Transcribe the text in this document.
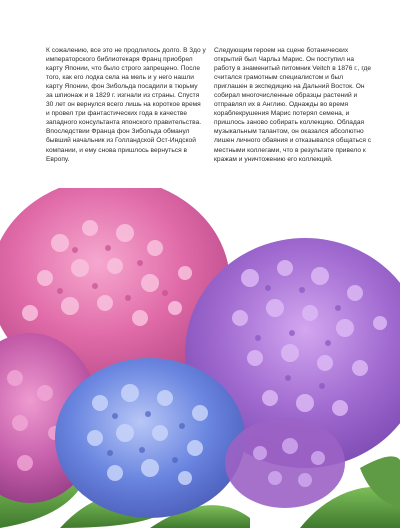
К сожалению, все это не продлилось долго. В 3до у императорского библиотекаря Франц приобрел карту Японии, что было строго запрещено. После того, как его лодка села на мель и у него нашли карту Японии, фон Зибольда посадили в тюрьму за шпионаж и в 1829 г. изгнали из страны. Спустя 30 лет он вернулся всего лишь на короткое время и провел три фантастических года в качестве западного консультанта японского правительства. Впоследствии Франца фон Зибольда обманул бывший начальник из Голландской Ост-Индской компании, и ему снова пришлось вернуться в Европу.

Следующим героем на сцене ботанических открытий был Чарльз Марис. Он поступил на работу в знаменитый питомник Veitch в 1876 г., где считался грамотным специалистом и был приглашен в экспедицию на Дальний Восток. Он собирал многочисленные образцы растений и отправлял их в Англию. Однажды во время кораблекрушения Марис потерял семена, и пришлось заново собирать коллекцию. Обладая музыкальным талантом, он оказался абсолютно лишен личного обаяния и отказывался общаться с местными коллегами, что в результате привело к кражам и уничтожению его коллекций.
